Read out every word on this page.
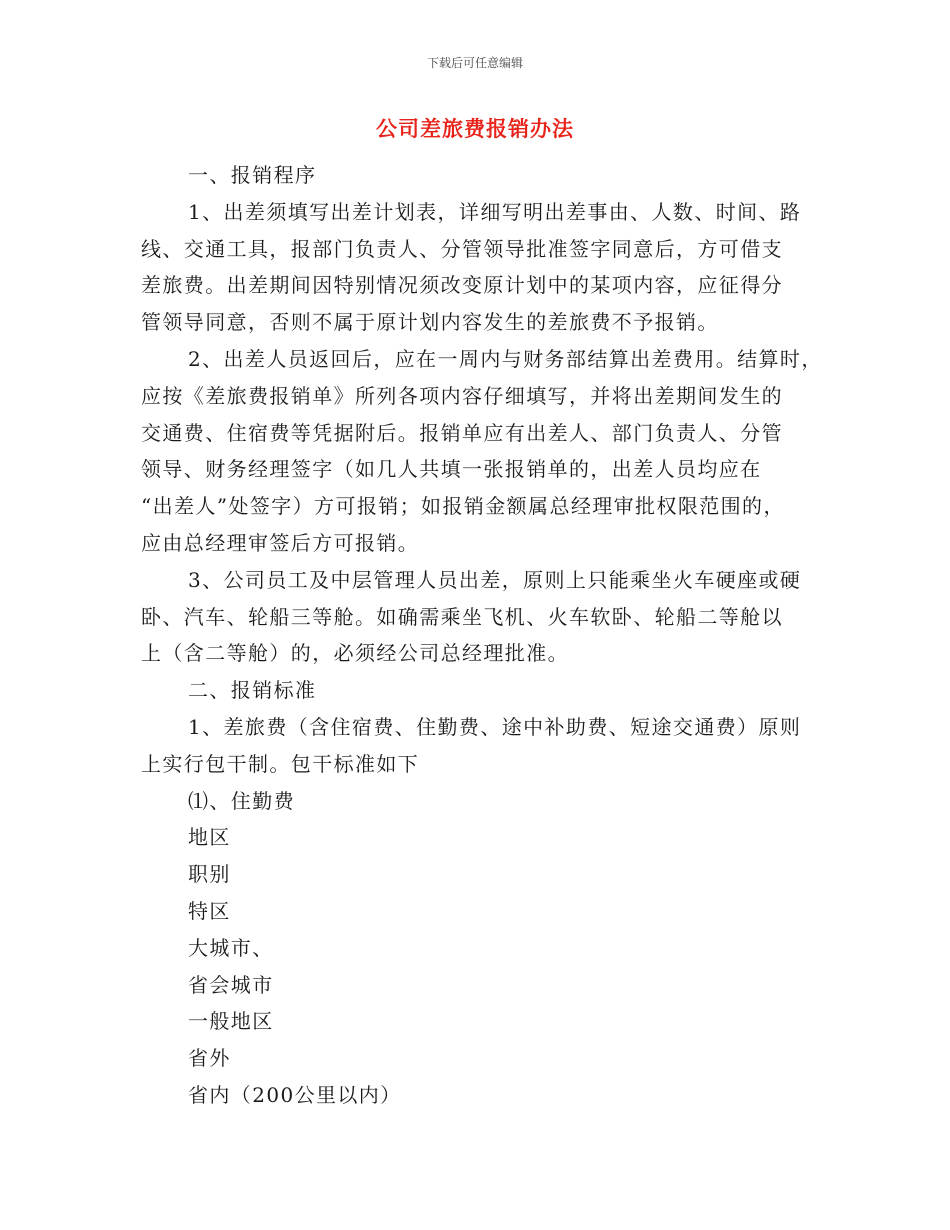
下载后可任意编辑
公司差旅费报销办法
一、报销程序
1、出差须填写出差计划表，详细写明出差事由、人数、时间、路
线、交通工具，报部门负责人、分管领导批准签字同意后，方可借支
差旅费。出差期间因特别情况须改变原计划中的某项内容，应征得分
管领导同意，否则不属于原计划内容发生的差旅费不予报销。
2、出差人员返回后，应在一周内与财务部结算出差费用。结算时，
应按《差旅费报销单》所列各项内容仔细填写，并将出差期间发生的
交通费、住宿费等凭据附后。报销单应有出差人、部门负责人、分管
领导、财务经理签字（如几人共填一张报销单的，出差人员均应在
“出差人”处签字）方可报销；如报销金额属总经理审批权限范围的，
应由总经理审签后方可报销。
3、公司员工及中层管理人员出差，原则上只能乘坐火车硬座或硬
卧、汽车、轮船三等舱。如确需乘坐飞机、火车软卧、轮船二等舱以
上（含二等舱）的，必须经公司总经理批准。
二、报销标准
1、差旅费（含住宿费、住勤费、途中补助费、短途交通费）原则
上实行包干制。包干标准如下
⑴、住勤费
地区
职别
特区
大城市、
省会城市
一般地区
省外
省内（200公里以内）
